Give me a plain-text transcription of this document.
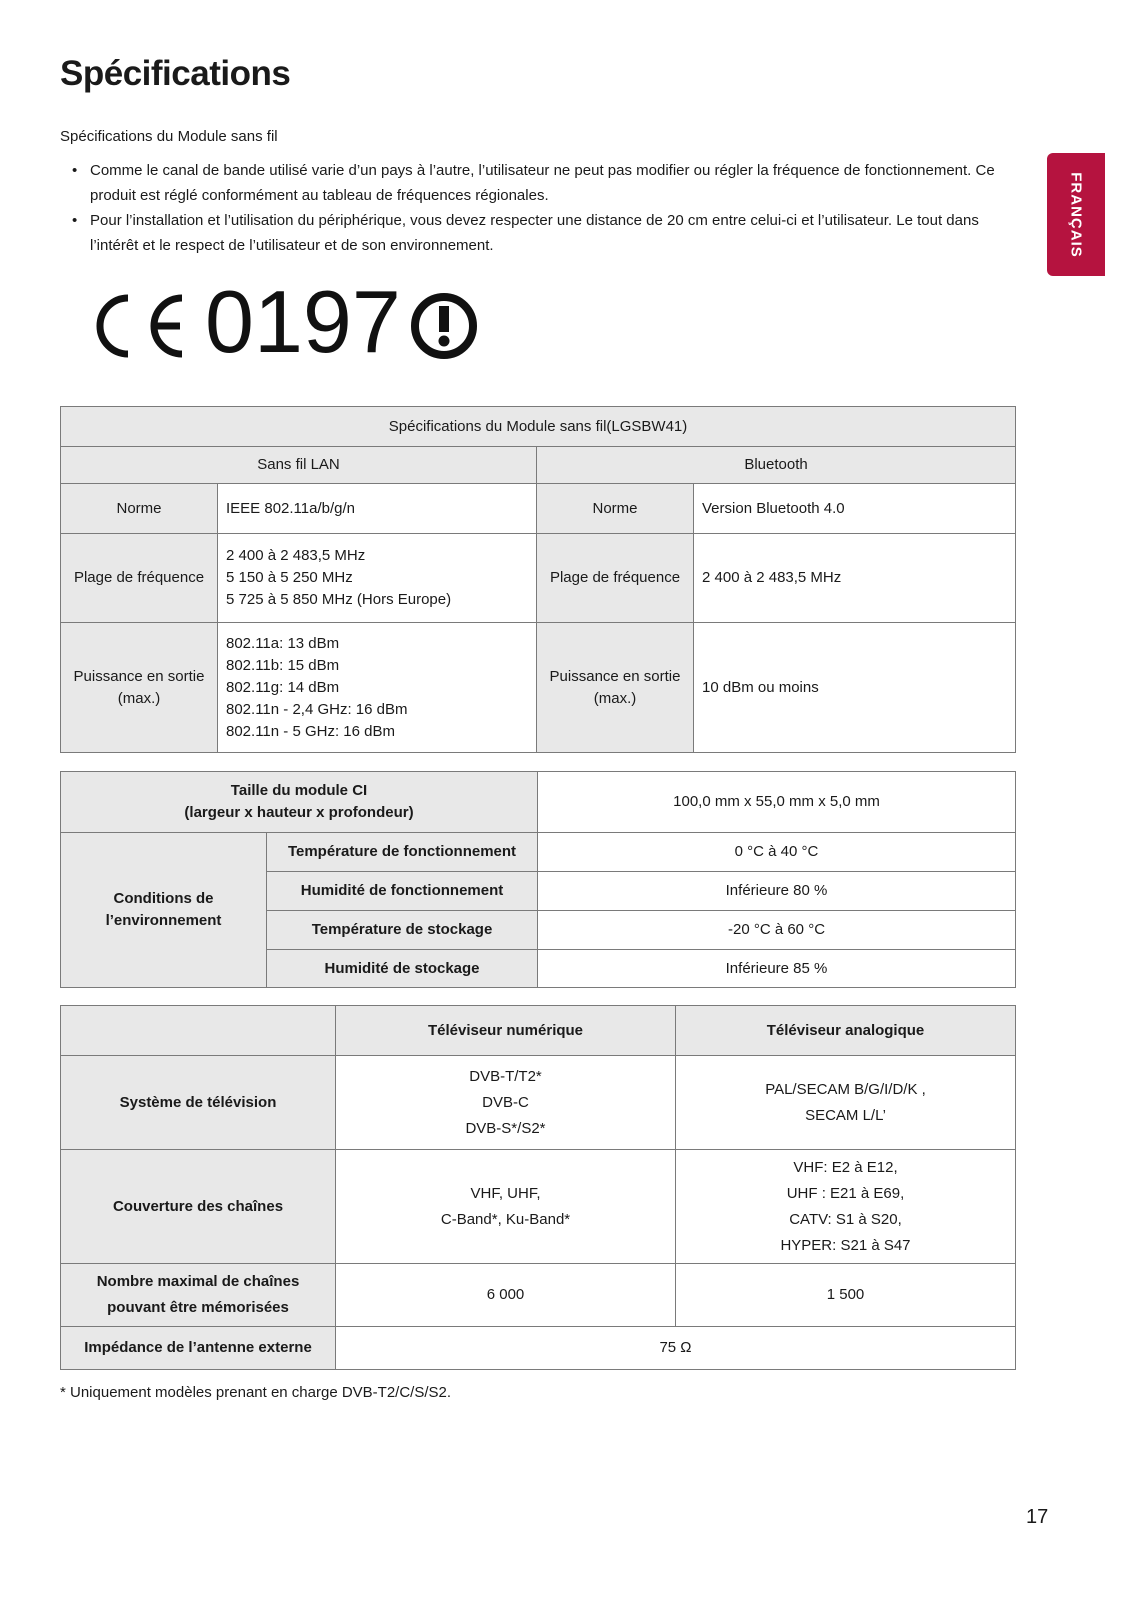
Spécifications
Spécifications du Module sans fil
• Comme le canal de bande utilisé varie d’un pays à l’autre, l’utilisateur ne peut pas modifier ou régler la fréquence de fonctionnement. Ce produit est réglé conformément au tableau de fréquences régionales.
• Pour l’installation et l’utilisation du périphérique, vous devez respecter une distance de 20 cm entre celui-ci et l’utilisateur. Le tout dans l’intérêt et le respect de l’utilisateur et de son environnement.	FRANÇAIS
0197
Spécifications du Module sans fil(LGSBW41)			
Sans fil LAN		Bluetooth	
Norme	IEEE 802.11a/b/g/n	Norme	Version Bluetooth 4.0
Plage de fréquence	2 400 à 2 483,5 MHz
5 150 à 5 250 MHz
5 725 à 5 850 MHz (Hors Europe)	Plage de fréquence	2 400 à 2 483,5 MHz
Puissance en sortie
(max.)	802.11a: 13 dBm
802.11b: 15 dBm
802.11g: 14 dBm
802.11n - 2,4 GHz: 16 dBm
802.11n - 5 GHz: 16 dBm	Puissance en sortie
(max.)	10 dBm ou moins
Taille du module CI
(largeur x hauteur x profondeur)		100,0 mm x 55,0 mm x 5,0 mm
Conditions de
l’environnement	Température de fonctionnement	0 °C à 40 °C
	Humidité de fonctionnement	Inférieure 80 %
	Température de stockage	-20 °C à 60 °C
	Humidité de stockage	Inférieure 85 %
	Téléviseur numérique	Téléviseur analogique
Système de télévision	DVB-T/T2*
DVB-C
DVB-S*/S2*	PAL/SECAM B/G/I/D/K ,
SECAM L/L’
Couverture des chaînes	VHF, UHF,
C-Band*, Ku-Band*	VHF: E2 à E12,
UHF : E21 à E69,
CATV: S1 à S20,
HYPER: S21 à S47
Nombre maximal de chaînes
pouvant être mémorisées	6 000	1 500
Impédance de l’antenne externe	75 Ω	
* Uniquement modèles prenant en charge DVB-T2/C/S/S2.
17
